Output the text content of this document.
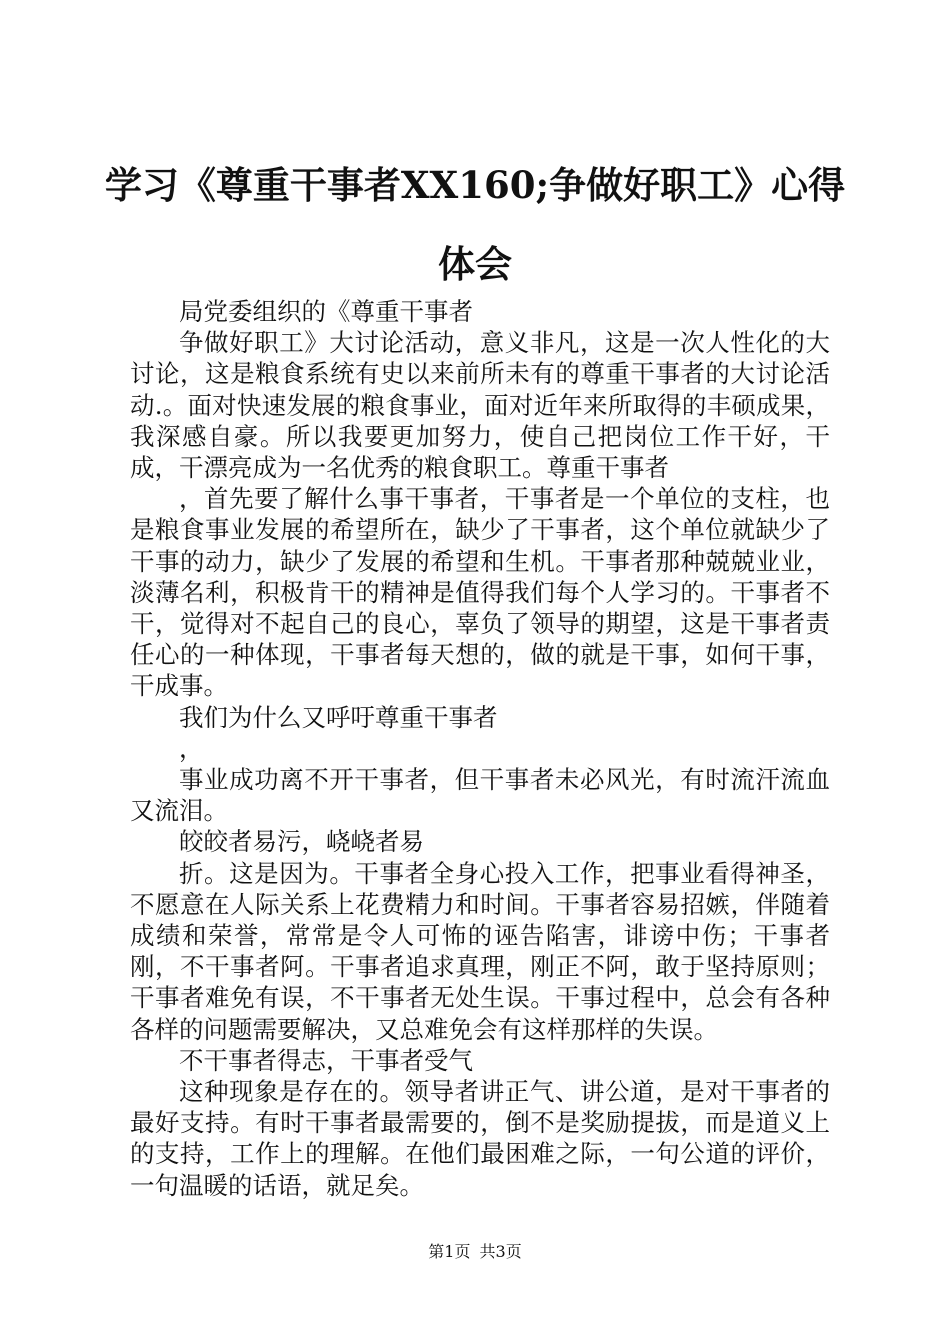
学习《尊重干事者XX160;争做好职工》心得
体会

局党委组织的《尊重干事者

争做好职工》大讨论活动，意义非凡，这是一次人性化的大讨论，这是粮食系统有史以来前所未有的尊重干事者的大讨论活动.。面对快速发展的粮食事业，面对近年来所取得的丰硕成果，我深感自豪。所以我要更加努力，使自己把岗位工作干好，干成，干漂亮成为一名优秀的粮食职工。尊重干事者

，首先要了解什么事干事者，干事者是一个单位的支柱，也是粮食事业发展的希望所在，缺少了干事者，这个单位就缺少了干事的动力，缺少了发展的希望和生机。干事者那种兢兢业业，淡薄名利，积极肯干的精神是值得我们每个人学习的。干事者不干，觉得对不起自己的良心，辜负了领导的期望，这是干事者责任心的一种体现，干事者每天想的，做的就是干事，如何干事，干成事。

我们为什么又呼吁尊重干事者

，

事业成功离不开干事者，但干事者未必风光，有时流汗流血又流泪。

皎皎者易污，峣峣者易

折。这是因为。干事者全身心投入工作，把事业看得神圣，不愿意在人际关系上花费精力和时间。干事者容易招嫉，伴随着成绩和荣誉，常常是令人可怖的诬告陷害，诽谤中伤；干事者刚，不干事者阿。干事者追求真理，刚正不阿，敢于坚持原则；干事者难免有误，不干事者无处生误。干事过程中，总会有各种各样的问题需要解决，又总难免会有这样那样的失误。

不干事者得志，干事者受气

这种现象是存在的。领导者讲正气、讲公道，是对干事者的最好支持。有时干事者最需要的，倒不是奖励提拔，而是道义上的支持，工作上的理解。在他们最困难之际，一句公道的评价，一句温暖的话语，就足矣。

第1页 共3页
